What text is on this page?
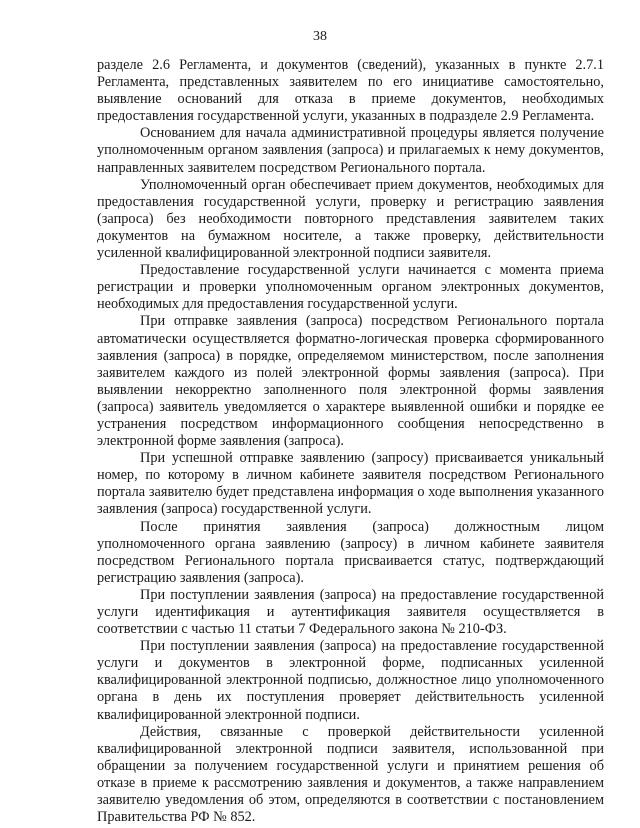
38

разделе 2.6 Регламента, и документов (сведений), указанных в пункте 2.7.1 Регламента, представленных заявителем по его инициативе самостоятельно, выявление оснований для отказа в приеме документов, необходимых предоставления государственной услуги, указанных в подразделе 2.9 Регламента.

Основанием для начала административной процедуры является получение уполномоченным органом заявления (запроса) и прилагаемых к нему документов, направленных заявителем посредством Регионального портала.

Уполномоченный орган обеспечивает прием документов, необходимых для предоставления государственной услуги, проверку и регистрацию заявления (запроса) без необходимости повторного представления заявителем таких документов на бумажном носителе, а также проверку, действительности усиленной квалифицированной электронной подписи заявителя.

Предоставление государственной услуги начинается с момента приема регистрации и проверки уполномоченным органом электронных документов, необходимых для предоставления государственной услуги.

При отправке заявления (запроса) посредством Регионального портала автоматически осуществляется форматно-логическая проверка сформированного заявления (запроса) в порядке, определяемом министерством, после заполнения заявителем каждого из полей электронной формы заявления (запроса). При выявлении некорректно заполненного поля электронной формы заявления (запроса) заявитель уведомляется о характере выявленной ошибки и порядке ее устранения посредством информационного сообщения непосредственно в электронной форме заявления (запроса).

При успешной отправке заявлению (запросу) присваивается уникальный номер, по которому в личном кабинете заявителя посредством Регионального портала заявителю будет представлена информация о ходе выполнения указанного заявления (запроса) государственной услуги.

После принятия заявления (запроса) должностным лицом уполномоченного органа заявлению (запросу) в личном кабинете заявителя посредством Регионального портала присваивается статус, подтверждающий регистрацию заявления (запроса).

При поступлении заявления (запроса) на предоставление государственной услуги идентификация и аутентификация заявителя осуществляется в соответствии с частью 11 статьи 7 Федерального закона № 210-ФЗ.

При поступлении заявления (запроса) на предоставление государственной услуги и документов в электронной форме, подписанных усиленной квалифицированной электронной подписью, должностное лицо уполномоченного органа в день их поступления проверяет действительность усиленной квалифицированной электронной подписи.

Действия, связанные с проверкой действительности усиленной квалифицированной электронной подписи заявителя, использованной при обращении за получением государственной услуги и принятием решения об отказе в приеме к рассмотрению заявления и документов, а также направлением заявителю уведомления об этом, определяются в соответствии с постановлением Правительства РФ № 852.
